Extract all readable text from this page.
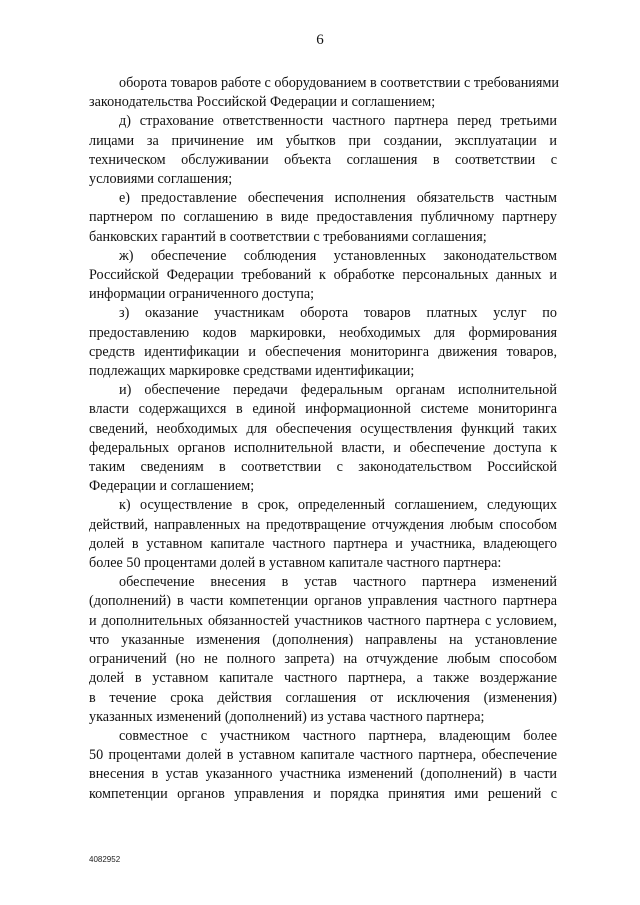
6

оборота товаров работе с оборудованием в соответствии с требованиями
законодательства Российской Федерации и соглашением;

д) страхование ответственности частного партнера перед третьими
лицами за причинение им убытков при создании, эксплуатации и
техническом обслуживании объекта соглашения в соответствии с
условиями соглашения;

е) предоставление обеспечения исполнения обязательств частным
партнером по соглашению в виде предоставления публичному партнеру
банковских гарантий в соответствии с требованиями соглашения;

ж) обеспечение соблюдения установленных законодательством
Российской Федерации требований к обработке персональных данных и
информации ограниченного доступа;

з) оказание участникам оборота товаров платных услуг по
предоставлению кодов маркировки, необходимых для формирования
средств идентификации и обеспечения мониторинга движения товаров,
подлежащих маркировке средствами идентификации;

и) обеспечение передачи федеральным органам исполнительной
власти содержащихся в единой информационной системе мониторинга
сведений, необходимых для обеспечения осуществления функций таких
федеральных органов исполнительной власти, и обеспечение доступа к
таким сведениям в соответствии с законодательством Российской
Федерации и соглашением;

к) осуществление в срок, определенный соглашением, следующих
действий, направленных на предотвращение отчуждения любым способом
долей в уставном капитале частного партнера и участника, владеющего
более 50 процентами долей в уставном капитале частного партнера:

обеспечение внесения в устав частного партнера изменений
(дополнений) в части компетенции органов управления частного партнера
и дополнительных обязанностей участников частного партнера с условием,
что указанные изменения (дополнения) направлены на установление
ограничений (но не полного запрета) на отчуждение любым способом
долей в уставном капитале частного партнера, а также воздержание
в течение срока действия соглашения от исключения (изменения)
указанных изменений (дополнений) из устава частного партнера;

совместное с участником частного партнера, владеющим более
50 процентами долей в уставном капитале частного партнера, обеспечение
внесения в устав указанного участника изменений (дополнений) в части
компетенции органов управления и порядка принятия ими решений с

4082952
